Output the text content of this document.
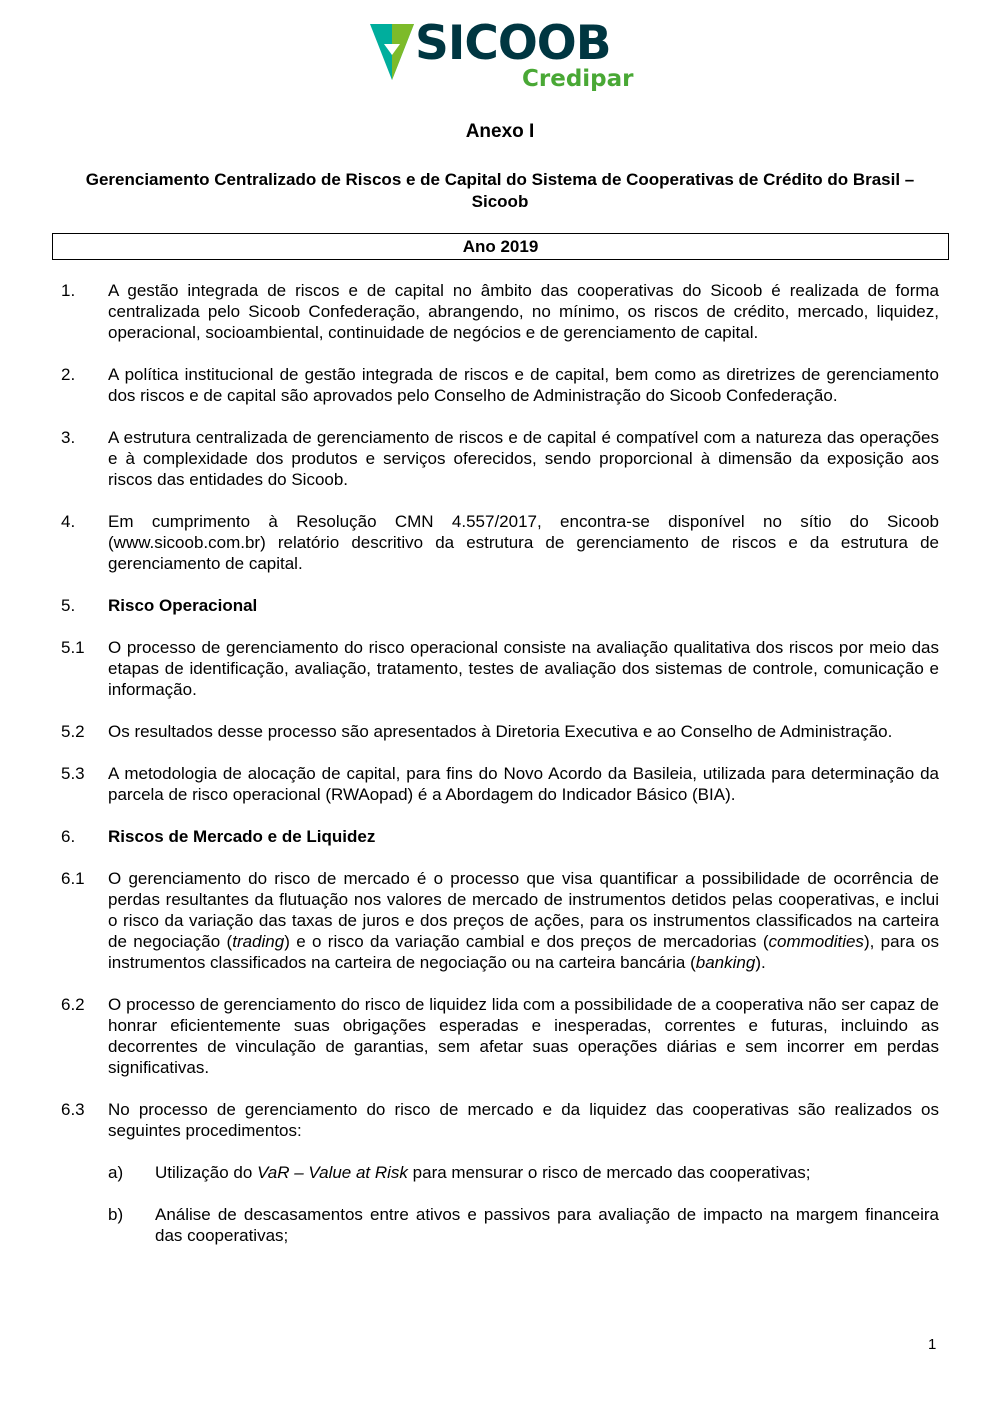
SICOOB
Credipar
Anexo I
Gerenciamento Centralizado de Riscos e de Capital do Sistema de Cooperativas de Crédito do Brasil – Sicoob
Ano 2019
1.	A gestão integrada de riscos e de capital no âmbito das cooperativas do Sicoob é realizada de forma centralizada pelo Sicoob Confederação, abrangendo, no mínimo, os riscos de crédito, mercado, liquidez, operacional, socioambiental, continuidade de negócios e de gerenciamento de capital.
2.	A política institucional de gestão integrada de riscos e de capital, bem como as diretrizes de gerenciamento dos riscos e de capital são aprovados pelo Conselho de Administração do Sicoob Confederação.
3.	A estrutura centralizada de gerenciamento de riscos e de capital é compatível com a natureza das operações e à complexidade dos produtos e serviços oferecidos, sendo proporcional à dimensão da exposição aos riscos das entidades do Sicoob.
4.	Em cumprimento à Resolução CMN 4.557/2017, encontra-se disponível no sítio do Sicoob (www.sicoob.com.br) relatório descritivo da estrutura de gerenciamento de riscos e da estrutura de gerenciamento de capital.
5.	Risco Operacional
5.1	O processo de gerenciamento do risco operacional consiste na avaliação qualitativa dos riscos por meio das etapas de identificação, avaliação, tratamento, testes de avaliação dos sistemas de controle, comunicação e informação.
5.2	Os resultados desse processo são apresentados à Diretoria Executiva e ao Conselho de Administração.
5.3	A metodologia de alocação de capital, para fins do Novo Acordo da Basileia, utilizada para determinação da parcela de risco operacional (RWAopad) é a Abordagem do Indicador Básico (BIA).
6.	Riscos de Mercado e de Liquidez
6.1	O gerenciamento do risco de mercado é o processo que visa quantificar a possibilidade de ocorrência de perdas resultantes da flutuação nos valores de mercado de instrumentos detidos pelas cooperativas, e inclui o risco da variação das taxas de juros e dos preços de ações, para os instrumentos classificados na carteira de negociação (trading) e o risco da variação cambial e dos preços de mercadorias (commodities), para os instrumentos classificados na carteira de negociação ou na carteira bancária (banking).
6.2	O processo de gerenciamento do risco de liquidez lida com a possibilidade de a cooperativa não ser capaz de honrar eficientemente suas obrigações esperadas e inesperadas, correntes e futuras, incluindo as decorrentes de vinculação de garantias, sem afetar suas operações diárias e sem incorrer em perdas significativas.
6.3	No processo de gerenciamento do risco de mercado e da liquidez das cooperativas são realizados os seguintes procedimentos:
a)	Utilização do VaR – Value at Risk para mensurar o risco de mercado das cooperativas;
b)	Análise de descasamentos entre ativos e passivos para avaliação de impacto na margem financeira das cooperativas;
1
